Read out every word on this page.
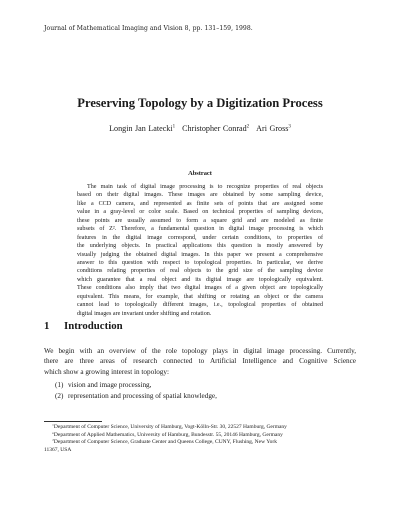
Journal of Mathematical Imaging and Vision 8, pp. 131–159, 1998.
Preserving Topology by a Digitization Process
Longin Jan Latecki$^1$ Christopher Conrad$^2$ Ari Gross$^3$
Abstract
The main task of digital image processing is to recognize properties of real objects
based on their digital images. These images are obtained by some sampling device,
like a CCD camera, and represented as finite sets of points that are assigned some
value in a gray-level or color scale. Based on technical properties of sampling devices,
these points are usually assumed to form a square grid and are modeled as finite
subsets of Z². Therefore, a fundamental question in digital image processing is which
features in the digital image correspond, under certain conditions, to properties of
the underlying objects. In practical applications this question is mostly answered by
visually judging the obtained digital images. In this paper we present a comprehensive
answer to this question with respect to topological properties. In particular, we derive
conditions relating properties of real objects to the grid size of the sampling device
which guarantee that a real object and its digital image are topologically equivalent.
These conditions also imply that two digital images of a given object are topologically
equivalent. This means, for example, that shifting or rotating an object or the camera
cannot lead to topologically different images, i.e., topological properties of obtained
digital images are invariant under shifting and rotation.
1 Introduction
We begin with an overview of the role topology plays in digital image processing. Currently,
there are three areas of research connected to Artificial Intelligence and Cognitive Science
which show a growing interest in topology:
(1) vision and image processing,
(2) representation and processing of spatial knowledge,
$^1$Department of Computer Science, University of Hamburg, Vogt-Kölln-Str. 30, 22527 Hamburg, Germany
$^2$Department of Applied Mathematics, University of Hamburg, Bundesstr. 55, 20146 Hamburg, Germany
$^3$Department of Computer Science, Graduate Center and Queens College, CUNY, Flushing, New York
11367, USA
